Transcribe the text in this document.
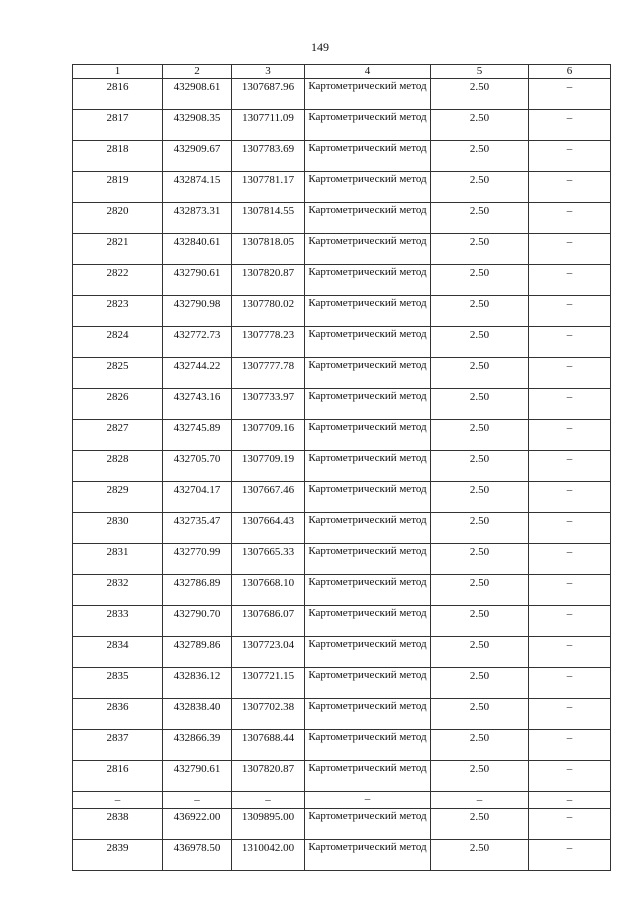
149
1	2	3	4	5	6
2816	432908.61	1307687.96	Картометрический метод	2.50	–
2817	432908.35	1307711.09	Картометрический метод	2.50	–
2818	432909.67	1307783.69	Картометрический метод	2.50	–
2819	432874.15	1307781.17	Картометрический метод	2.50	–
2820	432873.31	1307814.55	Картометрический метод	2.50	–
2821	432840.61	1307818.05	Картометрический метод	2.50	–
2822	432790.61	1307820.87	Картометрический метод	2.50	–
2823	432790.98	1307780.02	Картометрический метод	2.50	–
2824	432772.73	1307778.23	Картометрический метод	2.50	–
2825	432744.22	1307777.78	Картометрический метод	2.50	–
2826	432743.16	1307733.97	Картометрический метод	2.50	–
2827	432745.89	1307709.16	Картометрический метод	2.50	–
2828	432705.70	1307709.19	Картометрический метод	2.50	–
2829	432704.17	1307667.46	Картометрический метод	2.50	–
2830	432735.47	1307664.43	Картометрический метод	2.50	–
2831	432770.99	1307665.33	Картометрический метод	2.50	–
2832	432786.89	1307668.10	Картометрический метод	2.50	–
2833	432790.70	1307686.07	Картометрический метод	2.50	–
2834	432789.86	1307723.04	Картометрический метод	2.50	–
2835	432836.12	1307721.15	Картометрический метод	2.50	–
2836	432838.40	1307702.38	Картометрический метод	2.50	–
2837	432866.39	1307688.44	Картометрический метод	2.50	–
2816	432790.61	1307820.87	Картометрический метод	2.50	–
–	–	–	–	–	–
2838	436922.00	1309895.00	Картометрический метод	2.50	–
2839	436978.50	1310042.00	Картометрический метод	2.50	–
